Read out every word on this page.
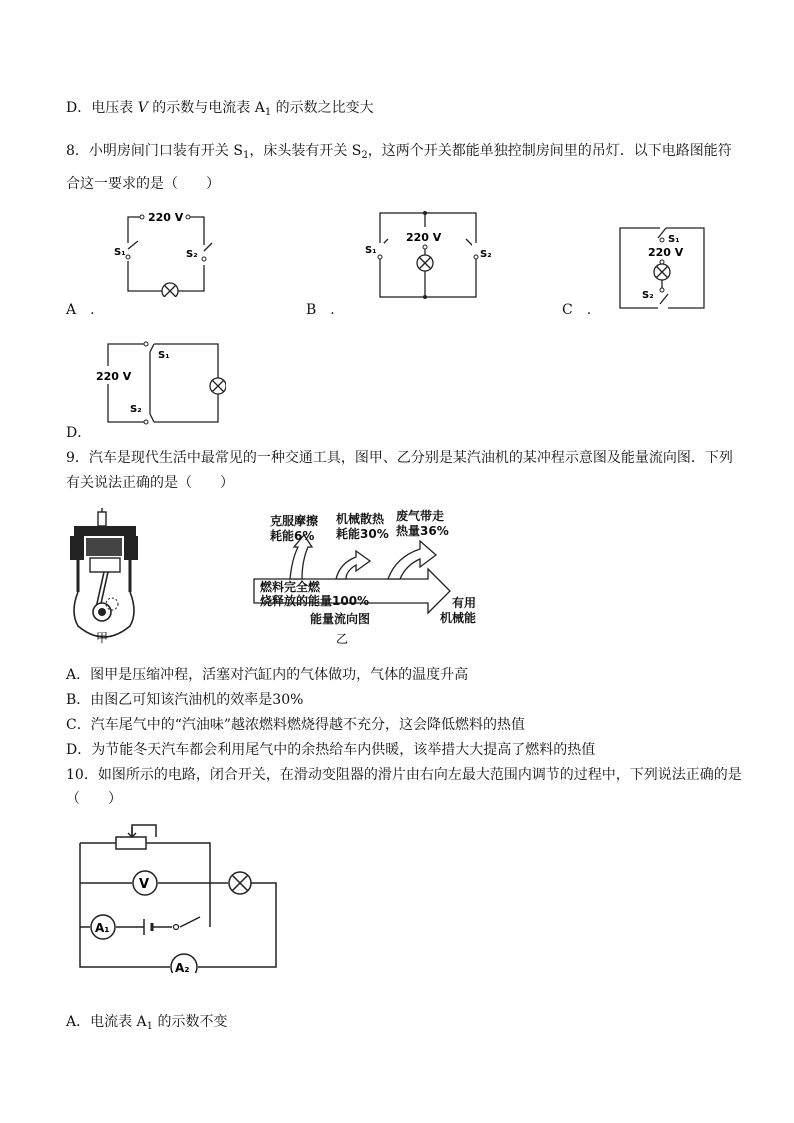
D．电压表 V 的示数与电流表 $A_1$ 的示数之比变大
8．小明房间门口装有开关 $S_1$，床头装有开关 $S_2$，这两个开关都能单独控制房间里的吊灯．以下电路图能符
合这一要求的是（　　）
220 V
S₁	S₂
A　.
220 V
S₁	S₂
B　.
S₁
220 V
S₂
C　.
220 V
S₁
S₂
D．
9．汽车是现代生活中最常见的一种交通工具，图甲、乙分别是某汽油机的某冲程示意图及能量流向图．下列
有关说法正确的是（　　）
甲
克服摩擦
耗能6%
机械散热
耗能30%
废气带走
热量36%
燃料完全燃
烧释放的能量100%	有用
机械能
能量流向图
乙
A．图甲是压缩冲程，活塞对汽缸内的气体做功，气体的温度升高
B．由图乙可知该汽油机的效率是30%
C．汽车尾气中的“汽油味”越浓燃料燃烧得越不充分，这会降低燃料的热值
D．为节能冬天汽车都会利用尾气中的余热给车内供暖，该举措大大提高了燃料的热值
10．如图所示的电路，闭合开关，在滑动变阻器的滑片由右向左最大范围内调节的过程中，下列说法正确的是
（　　）
V
A₁
A₂
A．电流表 $A_1$ 的示数不变
